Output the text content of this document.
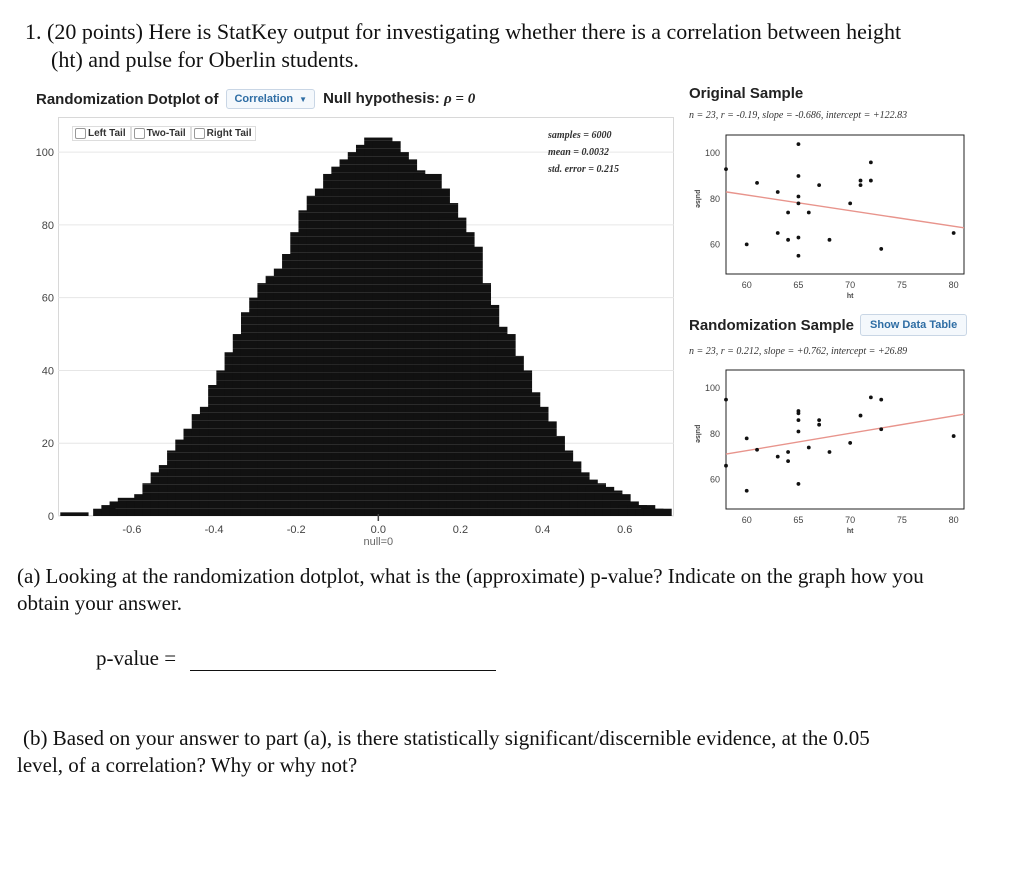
1. (20 points) Here is StatKey output for investigating whether there is a correlation between height
(ht) and pulse for Oberlin students.
Randomization Dotplot of Correlation ▼ Null hypothesis: ρ = 0
-0.6	-0.4	-0.2	0.0	0.2	0.4	0.6
null=0
Left Tail Two-Tail Right Tail	samples = 6000
mean = 0.0032
std. error = 0.215
Original Sample
n = 23, r = -0.19, slope = -0.686, intercept = +122.83
60	65	70	75	80
60
80
100
ht
pulse
Randomization Sample	Show Data Table
n = 23, r = 0.212, slope = +0.762, intercept = +26.89
60	65	70	75	80
60
80
100
ht
pulse
(a) Looking at the randomization dotplot, what is the (approximate) p-value? Indicate on the graph how you obtain your answer.
p-value =
(b) Based on your answer to part (a), is there statistically significant/discernible evidence, at the 0.05
level, of a correlation? Why or why not?
0
20
40
60
80
100
